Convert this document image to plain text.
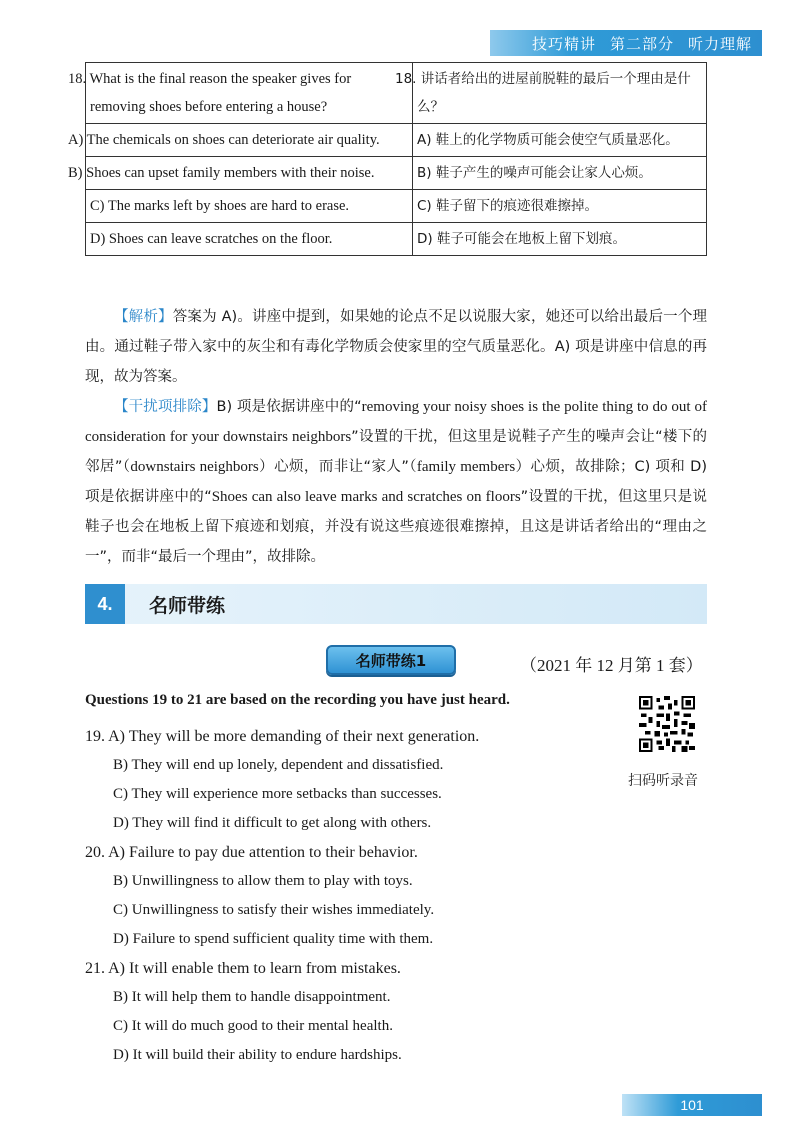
技巧精讲 第二部分 听力理解
18. What is the final reason the speaker gives for removing shoes before entering a house?	18. 讲话者给出的进屋前脱鞋的最后一个理由是什么？
A) The chemicals on shoes can deteriorate air quality.	A) 鞋上的化学物质可能会使空气质量恶化。
B) Shoes can upset family members with their noise.	B) 鞋子产生的噪声可能会让家人心烦。
C) The marks left by shoes are hard to erase.	C) 鞋子留下的痕迹很难擦掉。
D) Shoes can leave scratches on the floor.	D) 鞋子可能会在地板上留下划痕。
【解析】答案为 A)。讲座中提到，如果她的论点不足以说服大家，她还可以给出最后一个理由。通过鞋子带入家中的灰尘和有毒化学物质会使家里的空气质量恶化。A) 项是讲座中信息的再现，故为答案。
【干扰项排除】B) 项是依据讲座中的“removing your noisy shoes is the polite thing to do out of consideration for your downstairs neighbors”设置的干扰，但这里是说鞋子产生的噪声会让“楼下的邻居”（downstairs neighbors）心烦，而非让“家人”（family members）心烦，故排除；C) 项和 D) 项是依据讲座中的“Shoes can also leave marks and scratches on floors”设置的干扰，但这里只是说鞋子也会在地板上留下痕迹和划痕，并没有说这些痕迹很难擦掉，且这是讲话者给出的“理由之一”，而非“最后一个理由”，故排除。
4.	名师带练
名师带练1	（2021 年 12 月第 1 套）
Questions 19 to 21 are based on the recording you have just heard.
扫码听录音
19. A) They will be more demanding of their next generation.
B) They will end up lonely, dependent and dissatisfied.
C) They will experience more setbacks than successes.
D) They will find it difficult to get along with others.
20. A) Failure to pay due attention to their behavior.
B) Unwillingness to allow them to play with toys.
C) Unwillingness to satisfy their wishes immediately.
D) Failure to spend sufficient quality time with them.
21. A) It will enable them to learn from mistakes.
B) It will help them to handle disappointment.
C) It will do much good to their mental health.
D) It will build their ability to endure hardships.
101
